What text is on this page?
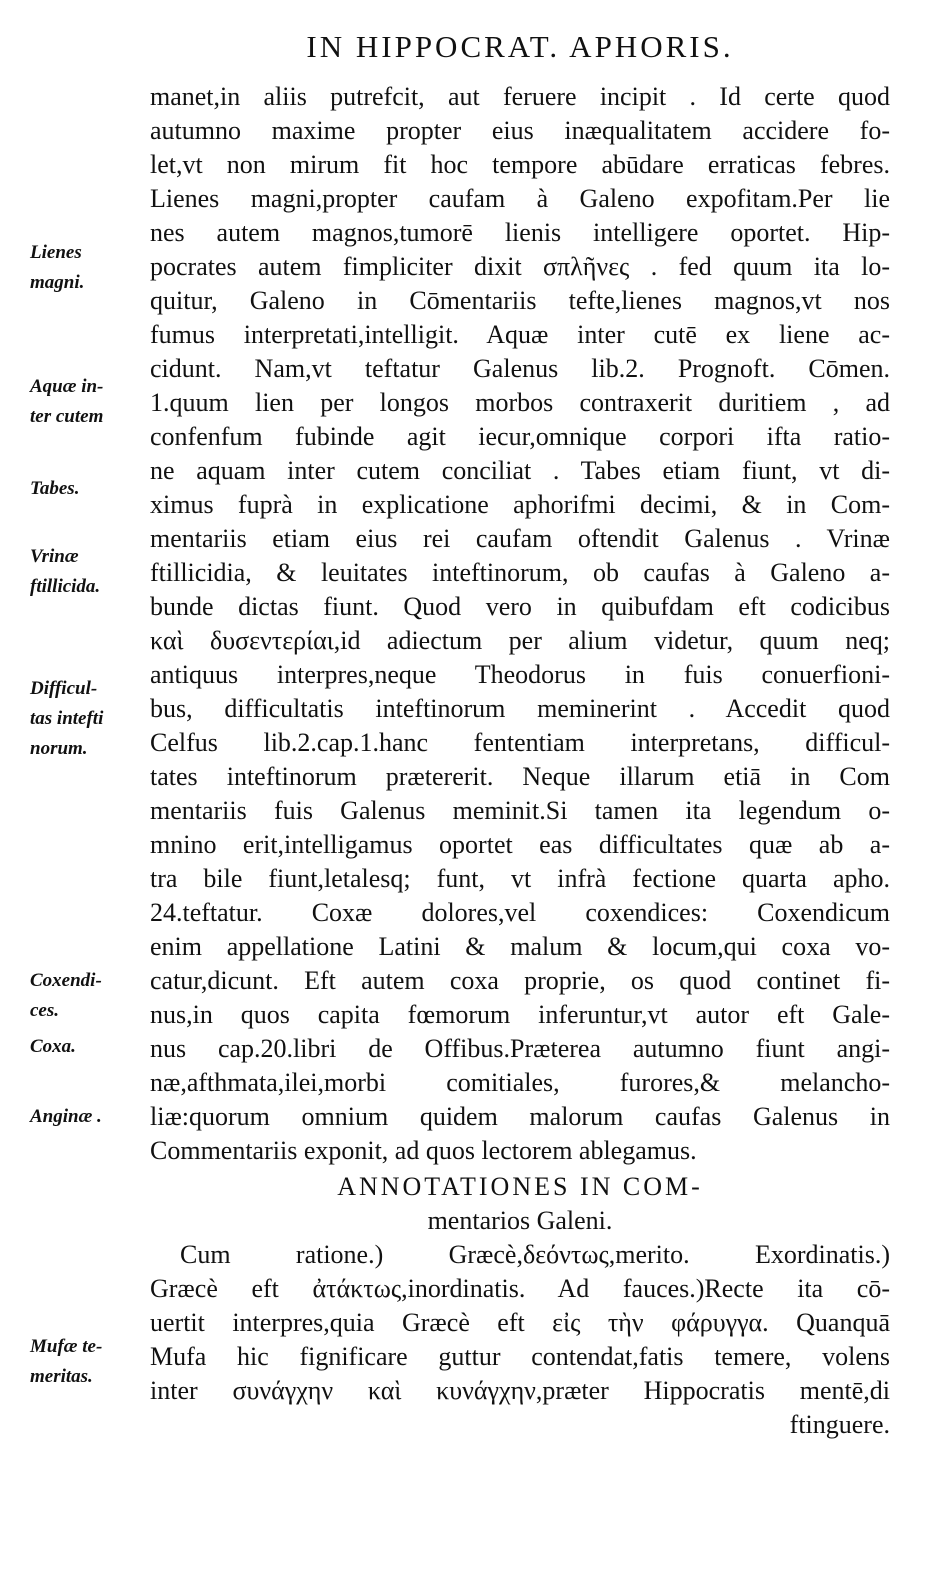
IN HIPPOCRAT. APHORIS.
manet,in aliis putrefcit, aut feruere incipit . Id certe quod
autumno maxime propter eius inæqualitatem accidere fo-
let,vt non mirum fit hoc tempore abūdare erraticas febres.
Lienes magni,propter caufam à Galeno expofitam.Per lie
nes autem magnos,tumorē lienis intelligere oportet. Hip-
pocrates autem fimpliciter dixit σπλῆνες . fed quum ita lo-
quitur, Galeno in Cōmentariis tefte,lienes magnos,vt nos
fumus interpretati,intelligit. Aquæ inter cutē ex liene ac-
cidunt. Nam,vt teftatur Galenus lib.2. Prognoft. Cōmen.
1.quum lien per longos morbos contraxerit duritiem , ad
confenfum fubinde agit iecur,omnique corpori ifta ratio-
ne aquam inter cutem conciliat . Tabes etiam fiunt, vt di-
ximus fuprà in explicatione aphorifmi decimi, & in Com-
mentariis etiam eius rei caufam oftendit Galenus . Vrinæ
ftillicidia, & leuitates inteftinorum, ob caufas à Galeno a-
bunde dictas fiunt. Quod vero in quibufdam eft codicibus
καὶ δυσεντερίαι,id adiectum per alium videtur, quum neq;
antiquus interpres,neque Theodorus in fuis conuerfioni-
bus, difficultatis inteftinorum meminerint . Accedit quod
Celfus lib.2.cap.1.hanc fententiam interpretans, difficul-
tates inteftinorum prætererit. Neque illarum etiā in Com
mentariis fuis Galenus meminit.Si tamen ita legendum o-
mnino erit,intelligamus oportet eas difficultates quæ ab a-
tra bile fiunt,letalesq; funt, vt infrà fectione quarta apho.
24.teftatur. Coxæ dolores,vel coxendices: Coxendicum
enim appellatione Latini & malum & locum,qui coxa vo-
catur,dicunt. Eft autem coxa proprie, os quod continet fi-
nus,in quos capita fœmorum inferuntur,vt autor eft Gale-
nus cap.20.libri de Offibus.Præterea autumno fiunt angi-
næ,afthmata,ilei,morbi comitiales, furores,& melancho-
liæ:quorum omnium quidem malorum caufas Galenus in
Commentariis exponit, ad quos lectorem ablegamus.
ANNOTATIONES IN COM-
mentarios Galeni.
Cum ratione.) Græcè,δεόντως,merito. Exordinatis.)
Græcè eft ἀτάκτως,inordinatis. Ad fauces.)Recte ita cō-
uertit interpres,quia Græcè eft εἰς τὴν φάρυγγα. Quanquā
Mufa hic fignificare guttur contendat,fatis temere, volens
inter συνάγχην καὶ κυνάγχην,præter Hippocratis mentē,di
ftinguere.
Lienes
magni.
Aquæ in-
ter cutem
Tabes.
Vrinæ
ftillicida.
Difficul-
tas intefti
norum.
Coxendi-
ces.
Coxa.
Anginæ .
Mufæ te-
meritas.
